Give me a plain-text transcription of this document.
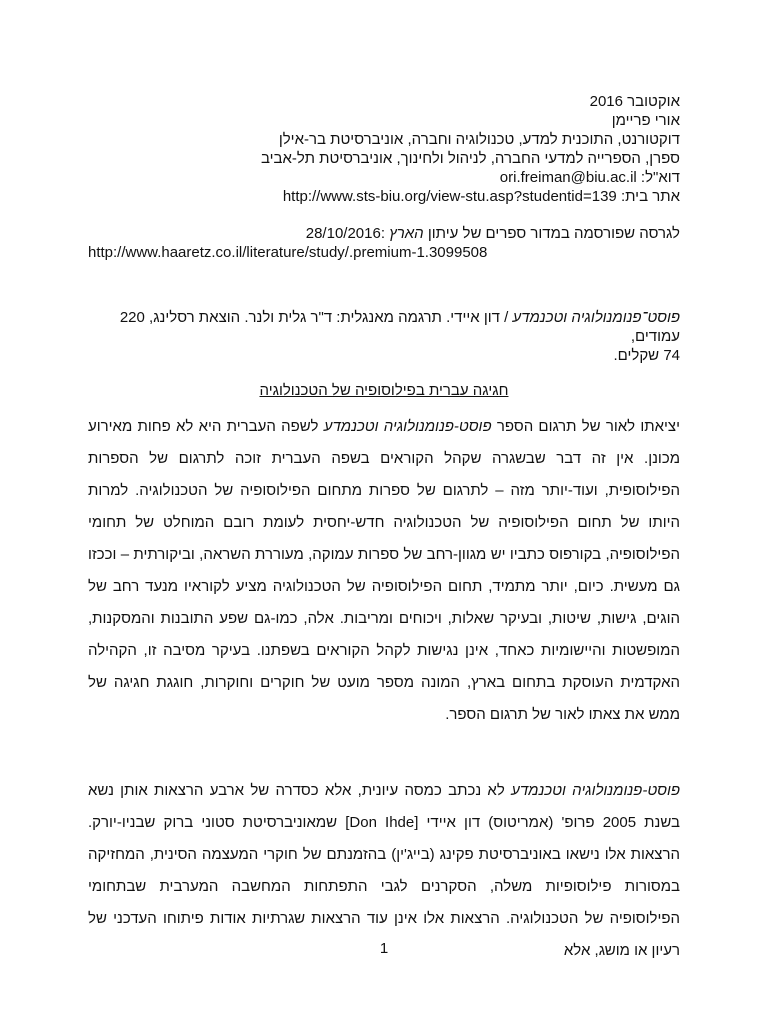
אוקטובר 2016
אורי פריימן
דוקטורנט, התוכנית למדע, טכנולוגיה וחברה, אוניברסיטת בר-אילן
ספרן, הספרייה למדעי החברה, לניהול ולחינוך, אוניברסיטת תל-אביב
דוא"ל: ori.freiman@biu.ac.il
אתר בית: http://www.sts-biu.org/view-stu.asp?studentid=139
לגרסה שפורסמה במדור ספרים של עיתון הארץ 28/10/2016:
http://www.haaretz.co.il/literature/study/.premium-1.3099508
פוסט־פנומנולוגיה וטכנמדע / דון איידי. תרגמה מאנגלית: ד"ר גלית ולנר. הוצאת רסלינג, 220 עמודים,
74 שקלים.
חגיגה עברית בפילוסופיה של הטכנולוגיה
יציאתו לאור של תרגום הספר פוסט-פנומנולוגיה וטכנמדע לשפה העברית היא לא פחות מאירוע מכונן. אין זה דבר שבשגרה שקהל הקוראים בשפה העברית זוכה לתרגום של הספרות הפילוסופית, ועוד-יותר מזה – לתרגום של ספרות מתחום הפילוסופיה של הטכנולוגיה. למרות היותו של תחום הפילוסופיה של הטכנולוגיה חדש-יחסית לעומת רובם המוחלט של תחומי הפילוסופיה, בקורפוס כתביו יש מגוון-רחב של ספרות עמוקה, מעוררת השראה, וביקורתית – וככזו גם מעשית. כיום, יותר מתמיד, תחום הפילוסופיה של הטכנולוגיה מציע לקוראיו מנעד רחב של הוגים, גישות, שיטות, ובעיקר שאלות, ויכוחים ומריבות. אלה, כמו-גם שפע התובנות והמסקנות, המופשטות והיישומיות כאחד, אינן נגישות לקהל הקוראים בשפתנו. בעיקר מסיבה זו, הקהילה האקדמית העוסקת בתחום בארץ, המונה מספר מועט של חוקרים וחוקרות, חוגגת חגיגה של ממש את צאתו לאור של תרגום הספר.
פוסט-פנומנולוגיה וטכנמדע לא נכתב כמסה עיונית, אלא כסדרה של ארבע הרצאות אותן נשא בשנת 2005 פרופ' (אמריטוס) דון איידי [Don Ihde] שמאוניברסיטת סטוני ברוק שבניו-יורק. הרצאות אלו נישאו באוניברסיטת פקינג (בייג'ין) בהזמנתם של חוקרי המעצמה הסינית, המחזיקה במסורות פילוסופיות משלה, הסקרנים לגבי התפתחות המחשבה המערבית שבתחומי הפילוסופיה של הטכנולוגיה. הרצאות אלו אינן עוד הרצאות שגרתיות אודות פיתוחו העדכני של רעיון או מושג, אלא
1
